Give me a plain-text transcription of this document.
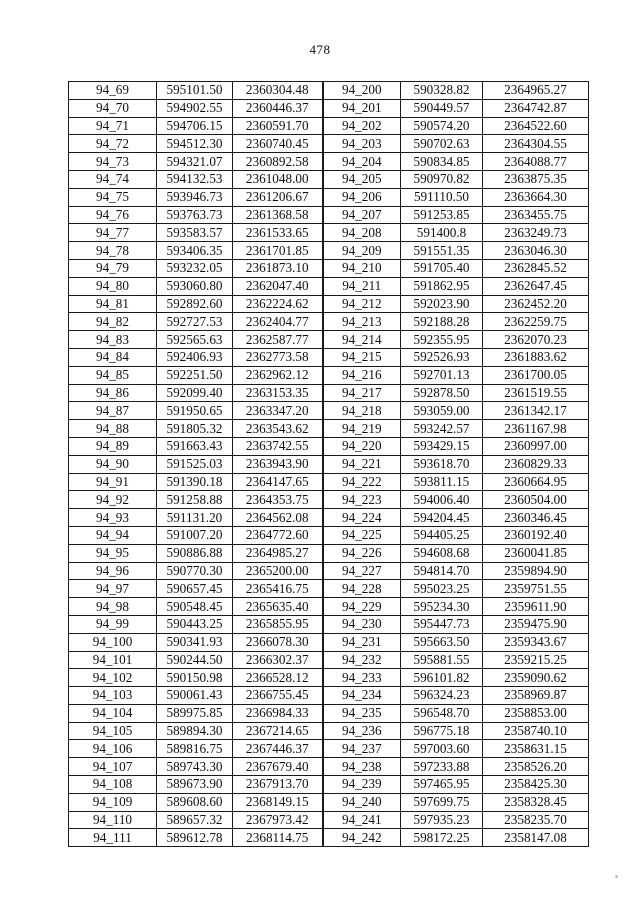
478
94_69	595101.50	2360304.48	94_200	590328.82	2364965.27
94_70	594902.55	2360446.37	94_201	590449.57	2364742.87
94_71	594706.15	2360591.70	94_202	590574.20	2364522.60
94_72	594512.30	2360740.45	94_203	590702.63	2364304.55
94_73	594321.07	2360892.58	94_204	590834.85	2364088.77
94_74	594132.53	2361048.00	94_205	590970.82	2363875.35
94_75	593946.73	2361206.67	94_206	591110.50	2363664.30
94_76	593763.73	2361368.58	94_207	591253.85	2363455.75
94_77	593583.57	2361533.65	94_208	591400.8	2363249.73
94_78	593406.35	2361701.85	94_209	591551.35	2363046.30
94_79	593232.05	2361873.10	94_210	591705.40	2362845.52
94_80	593060.80	2362047.40	94_211	591862.95	2362647.45
94_81	592892.60	2362224.62	94_212	592023.90	2362452.20
94_82	592727.53	2362404.77	94_213	592188.28	2362259.75
94_83	592565.63	2362587.77	94_214	592355.95	2362070.23
94_84	592406.93	2362773.58	94_215	592526.93	2361883.62
94_85	592251.50	2362962.12	94_216	592701.13	2361700.05
94_86	592099.40	2363153.35	94_217	592878.50	2361519.55
94_87	591950.65	2363347.20	94_218	593059.00	2361342.17
94_88	591805.32	2363543.62	94_219	593242.57	2361167.98
94_89	591663.43	2363742.55	94_220	593429.15	2360997.00
94_90	591525.03	2363943.90	94_221	593618.70	2360829.33
94_91	591390.18	2364147.65	94_222	593811.15	2360664.95
94_92	591258.88	2364353.75	94_223	594006.40	2360504.00
94_93	591131.20	2364562.08	94_224	594204.45	2360346.45
94_94	591007.20	2364772.60	94_225	594405.25	2360192.40
94_95	590886.88	2364985.27	94_226	594608.68	2360041.85
94_96	590770.30	2365200.00	94_227	594814.70	2359894.90
94_97	590657.45	2365416.75	94_228	595023.25	2359751.55
94_98	590548.45	2365635.40	94_229	595234.30	2359611.90
94_99	590443.25	2365855.95	94_230	595447.73	2359475.90
94_100	590341.93	2366078.30	94_231	595663.50	2359343.67
94_101	590244.50	2366302.37	94_232	595881.55	2359215.25
94_102	590150.98	2366528.12	94_233	596101.82	2359090.62
94_103	590061.43	2366755.45	94_234	596324.23	2358969.87
94_104	589975.85	2366984.33	94_235	596548.70	2358853.00
94_105	589894.30	2367214.65	94_236	596775.18	2358740.10
94_106	589816.75	2367446.37	94_237	597003.60	2358631.15
94_107	589743.30	2367679.40	94_238	597233.88	2358526.20
94_108	589673.90	2367913.70	94_239	597465.95	2358425.30
94_109	589608.60	2368149.15	94_240	597699.75	2358328.45
94_110	589657.32	2367973.42	94_241	597935.23	2358235.70
94_111	589612.78	2368114.75	94_242	598172.25	2358147.08
